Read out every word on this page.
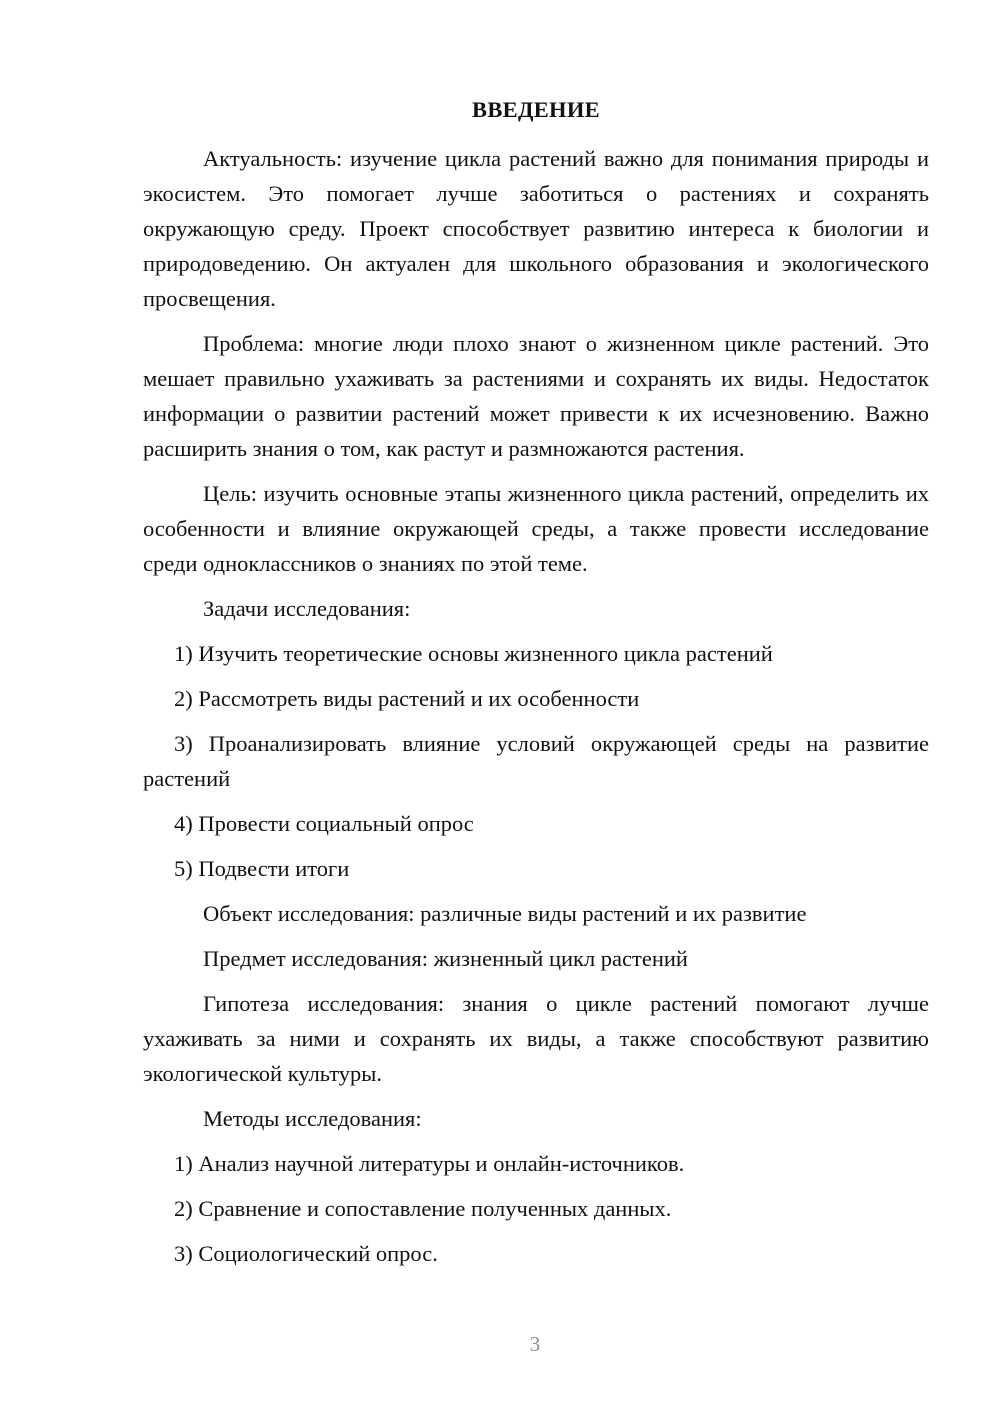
ВВЕДЕНИЕ

Актуальность: изучение цикла растений важно для понимания природы и экосистем. Это помогает лучше заботиться о растениях и сохранять окружающую среду. Проект способствует развитию интереса к биологии и природоведению. Он актуален для школьного образования и экологического просвещения.

Проблема: многие люди плохо знают о жизненном цикле растений. Это мешает правильно ухаживать за растениями и сохранять их виды. Недостаток информации о развитии растений может привести к их исчезновению. Важно расширить знания о том, как растут и размножаются растения.

Цель: изучить основные этапы жизненного цикла растений, определить их особенности и влияние окружающей среды, а также провести исследование среди одноклассников о знаниях по этой теме.

Задачи исследования:
1) Изучить теоретические основы жизненного цикла растений
2) Рассмотреть виды растений и их особенности
3) Проанализировать влияние условий окружающей среды на развитие растений
4) Провести социальный опрос
5) Подвести итоги
Объект исследования: различные виды растений и их развитие
Предмет исследования: жизненный цикл растений

Гипотеза исследования: знания о цикле растений помогают лучше ухаживать за ними и сохранять их виды, а также способствуют развитию экологической культуры.

Методы исследования:
1) Анализ научной литературы и онлайн-источников.
2) Сравнение и сопоставление полученных данных.
3) Социологический опрос.
3
